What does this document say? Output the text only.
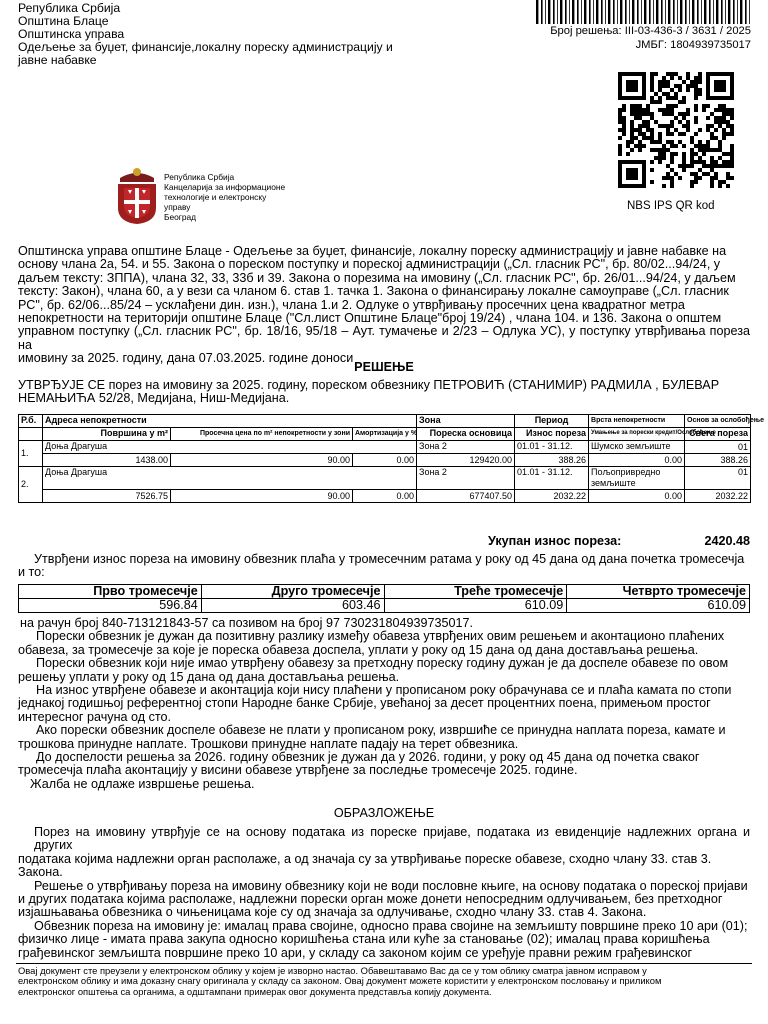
Република Србија
Општина Блаце
Општинска управа
Одељење за буџет, финансије,локалну пореску администрацију и
јавне набавке
Број решења: III-03-436-3 / 3631 / 2025
ЈМБГ: 1804939735017
NBS IPS QR kod
Република Србија
Канцеларија за информационе
технологије и електронску
управу
Београд
Општинска управа општине Блаце - Одељење за буџет, финансије, локалну пореску администрацију и јавне набавке на
основу члана 2а, 54. и 55. Закона о пореском поступку и пореској администрацији („Сл. гласник РС", бр. 80/02...94/24, у
даљем тексту: ЗППА), члана 32, 33, 33б и 39. Закона о порезима на имовину („Сл. гласник РС", бр. 26/01...94/24, у даљем
тексту: Закон), члана 60, а у вези са чланом 6. став 1. тачка 1. Закона о финансирању локалне самоуправе („Сл. гласник
РС", бр. 62/06...85/24 – усклађени дин. изн.), члана 1.и 2. Одлуке о утврђивању просечних цена квадратног метра
непокретности на територији општине Блаце ("Сл.лист Општине Блаце"број 19/24) , члана 104. и 136. Закона о општем
управном поступку („Сл. гласник РС", бр. 18/16, 95/18 – Аут. тумачење и 2/23 – Одлука УС), у поступку утврђивања пореза на
имовину за 2025. годину, дана 07.03.2025. године доноси
РЕШЕЊЕ
УТВРЂУЈЕ СЕ порез на имовину за 2025. годину, пореском обвезнику ПЕТРОВИЋ (СТАНИМИР) РАДМИЛА , БУЛЕВАР
НЕМАЊИЋА 52/28, Медијана, Ниш-Медијана.
Р.б.	Адреса непокретности			Зона	Период	Врста непокретности	Основ за ослобођење
	Површина у m²	Просечна цена по m² непокретности у зони	Амортизација у %	Пореска основица	Износ пореза	Умањење за порески кредит/Ослобођење	Свега пореза
1.	Доња Драгуша			Зона 2	01.01 - 31.12.	Шумско земљиште	01
	1438.00	90.00	0.00	129420.00	388.26	0.00	388.26
2.	Доња Драгуша			Зона 2	01.01 - 31.12.	Пољопривредно земљиште	01
	7526.75	90.00	0.00	677407.50	2032.22	0.00	2032.22
Укупан износ пореза:	2420.48
Утврђени износ пореза на имовину обвезник плаћа у тромесечним ратама у року од 45 дана од дана почетка тромесечја
и то:
Прво тромесечје	Друго тромесечје	Треће тромесечје	Четврто тромесечје
596.84	603.46	610.09	610.09
на рачун број 840-713121843-57 са позивом на број 97 730231804939735017.
Порески обвезник је дужан да позитивну разлику између обавеза утврђених овим решењем и аконтационо плаћених
обавеза, за тромесечје за које је пореска обавеза доспела, уплати у року од 15 дана од дана достављања решења.
Порески обвезник који није имао утврђену обавезу за претходну пореску годину дужан је да доспеле обавезе по овом
решењу уплати у року од 15 дана од дана достављања решења.
На износ утврђене обавезе и аконтација који нису плаћени у прописаном року обрачунава се и плаћа камата по стопи
једнакој годишњој референтној стопи Народне банке Србије, увећаној за десет процентних поена, примењом простог
интересног рачуна од сто.
Ако порески обвезник доспеле обавезе не плати у прописаном року, извршиће се принудна наплата пореза, камате и
трошкова принудне наплате. Трошкови принудне наплате падају на терет обвезника.
До доспелости решења за 2026. годину обвезник је дужан да у 2026. години, у року од 45 дана од почетка сваког
тромесечја плаћа аконтацију у висини обавезе утврђене за последње тромесечје 2025. године.
Жалба не одлаже извршење решења.
ОБРАЗЛОЖЕЊЕ
Порез на имовину утврђује се на основу података из пореске пријаве, података из евиденције надлежних органа и других
података којима надлежни орган располаже, а од значаја су за утврђивање пореске обавезе, сходно члану 33. став 3.
Закона.
Решење о утврђивању пореза на имовину обвезнику који не води пословне књиге, на основу података о пореској пријави
и других података којима располаже, надлежни порески орган може донети непосредним одлучивањем, без претходног
изјашњавања обвезника о чињеницама које су од значаја за одлучивање, сходно члану 33. став 4. Закона.
Обвезник пореза на имовину је: ималац права својине, односно права својине на земљишту површине преко 10 ари (01);
физичко лице - имата права закупа односно коришћења стана или куће за становање (02); ималац права коришћења
грађевинског земљишта површине преко 10 ари, у складу са законом којим се уређује правни режим грађевинског
Овај документ сте преузели у електронском облику у којем је изворно настао. Обавештавамо Вас да се у том облику сматра јавном исправом у
електронском облику и има доказну снагу оригинала у складу са законом. Овај документ можете користити у електронском пословању и приликом
електронског општења са органима, а одштампани примерак овог документа представља копију документа.
